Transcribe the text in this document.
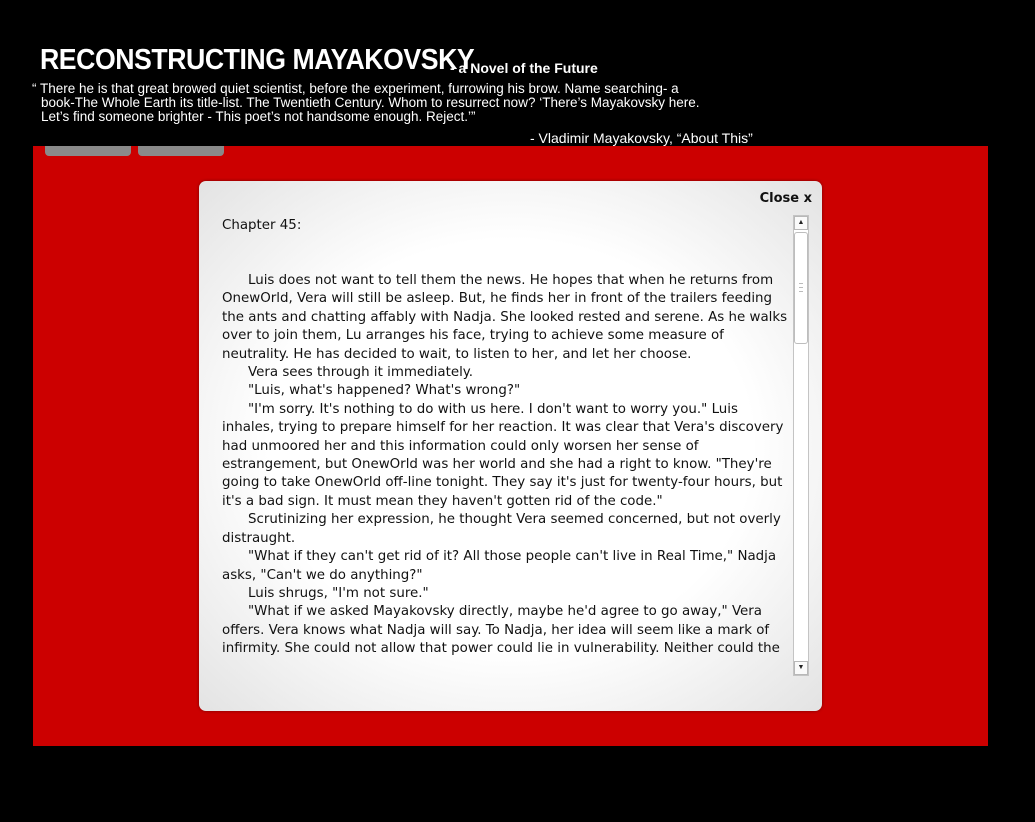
RECONSTRUCTING MAYAKOVSKY
- a Novel of the Future
“ There he is that great browed quiet scientist, before the experiment, furrowing his brow. Name searching- a
book-The Whole Earth its title-list. The Twentieth Century. Whom to resurrect now? ‘There’s Mayakovsky here.
Let’s find someone brighter - This poet’s not handsome enough. Reject.’”
- Vladimir Mayakovsky, “About This”
Close x
Chapter 45:

Luis does not want to tell them the news. He hopes that when he returns from OnewOrld, Vera will still be asleep. But, he finds her in front of the trailers feeding the ants and chatting affably with Nadja. She looked rested and serene. As he walks over to join them, Lu arranges his face, trying to achieve some measure of neutrality. He has decided to wait, to listen to her, and let her choose.

Vera sees through it immediately.

"Luis, what's happened? What's wrong?"

"I'm sorry. It's nothing to do with us here. I don't want to worry you." Luis inhales, trying to prepare himself for her reaction. It was clear that Vera's discovery had unmoored her and this information could only worsen her sense of estrangement, but OnewOrld was her world and she had a right to know. "They're going to take OnewOrld off-line tonight. They say it's just for twenty-four hours, but it's a bad sign. It must mean they haven't gotten rid of the code."

Scrutinizing her expression, he thought Vera seemed concerned, but not overly distraught.

"What if they can't get rid of it? All those people can't live in Real Time," Nadja asks, "Can't we do anything?"

Luis shrugs, "I'm not sure."

"What if we asked Mayakovsky directly, maybe he'd agree to go away," Vera offers. Vera knows what Nadja will say. To Nadja, her idea will seem like a mark of infirmity. She could not allow that power could lie in vulnerability. Neither could the

▲
▼
